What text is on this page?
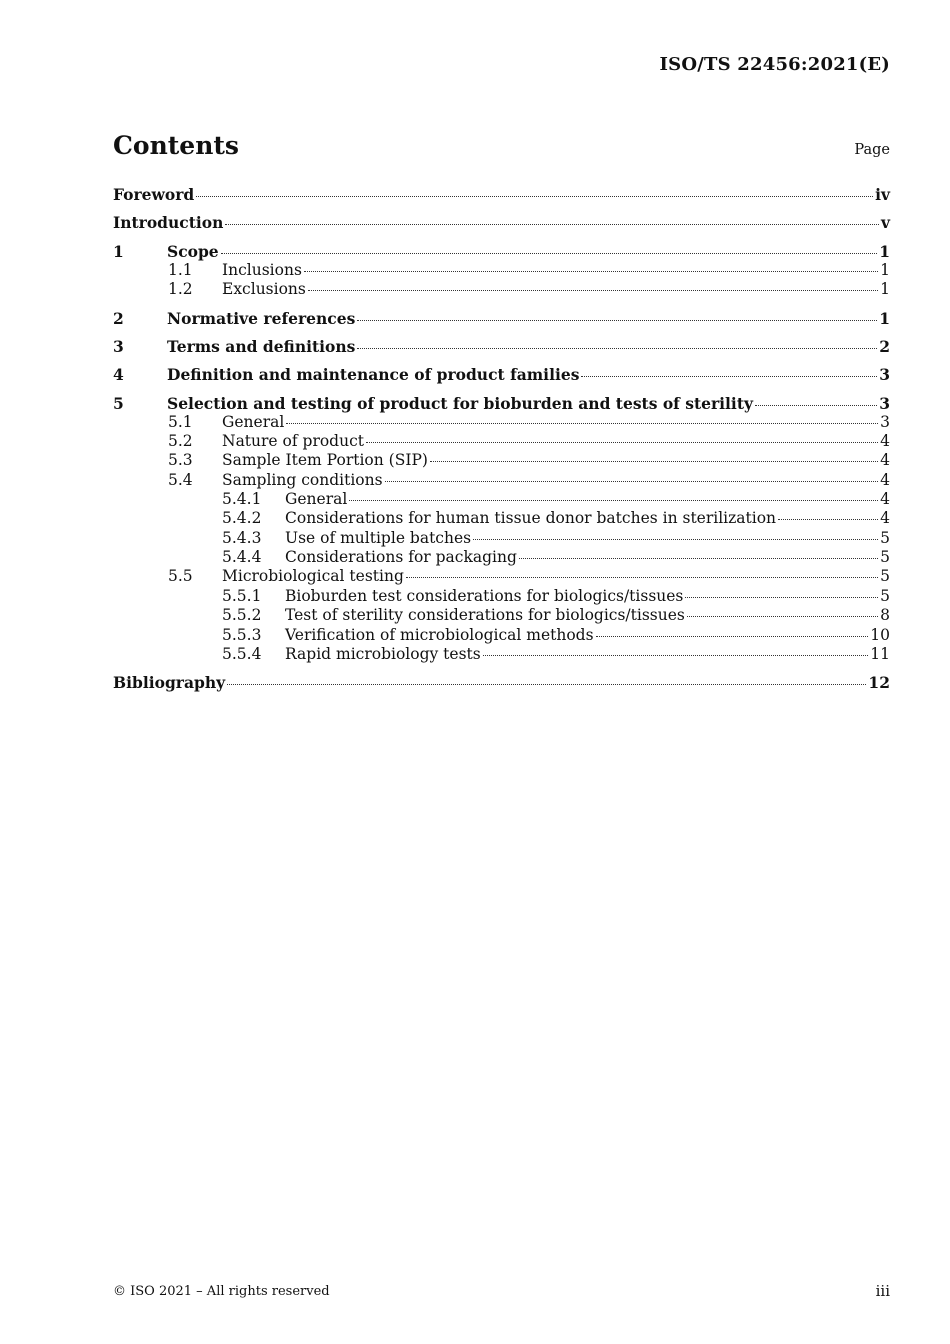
ISO/TS 22456:2021(E)
Contents	Page
Foreword	iv
Introduction	v
1	Scope	1
1.1	Inclusions	1
1.2	Exclusions	1
2	Normative references	1
3	Terms and definitions	2
4	Definition and maintenance of product families	3
5	Selection and testing of product for bioburden and tests of sterility	3
5.1	General	3
5.2	Nature of product	4
5.3	Sample Item Portion (SIP)	4
5.4	Sampling conditions	4
5.4.1	General	4
5.4.2	Considerations for human tissue donor batches in sterilization	4
5.4.3	Use of multiple batches	5
5.4.4	Considerations for packaging	5
5.5	Microbiological testing	5
5.5.1	Bioburden test considerations for biologics/tissues	5
5.5.2	Test of sterility considerations for biologics/tissues	8
5.5.3	Verification of microbiological methods	10
5.5.4	Rapid microbiology tests	11
Bibliography	12
© ISO 2021 – All rights reserved	iii
